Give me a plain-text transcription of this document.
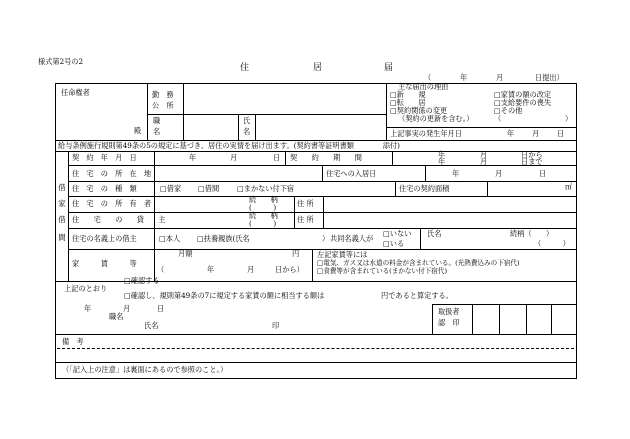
様式第2号の2
住	居	届
（	年	月	日提出）
任命権者	勤　務
公　所
殿
職
名
氏
名
主な届出の理由
□新　　規	□家賃の額の改定
□転　　居	□支給要件の喪失
□契約関係の変更	□その他
（契約の更新を含む。）	（	）
上記事実の発生年月日	年 月 日
給与条例施行規則第49条の5の規定に基づき、居住の実情を届け出ます。(契約書等証明書類　　　　添付)
借
家
借
間
契　約　年　月　日	年	月	日 契　　約　　期　　間	年	月	日から
年	月	日まで
住　宅　の　所　在　地	住宅への入居日	年	月	日
住　宅　の　種　類	□借家 □借間 □まかない付下宿	住宅の契約面積	㎡
住　宅　の　所　有　者	続　　柄
(　　　)	住 所
住　　宅　　の　　貸　　主	続　　柄
(　　　)	住 所
住宅の名義上の借主	□本人 □扶養親族(氏名	） 共同名義人が
□いない
□いる
氏名	続柄（　　）
（　　　）
家　　　賃　　　等
月額	円
（	年	月	日から）
左記家賃等には
□電気、ガス又は水道の料金が含まれている。(光熱費込みの下宿代)
□食費等が含まれている(まかない付下宿代)
上記のとおり
□確認する
□確認し、規則第49条の7に規定する家賃の額に相当する額は	円であると算定する。
年	月	日
職名
氏名	印
取扱者
認　印
備　考
（「記入上の注意」は裏面にあるので参照のこと。）
